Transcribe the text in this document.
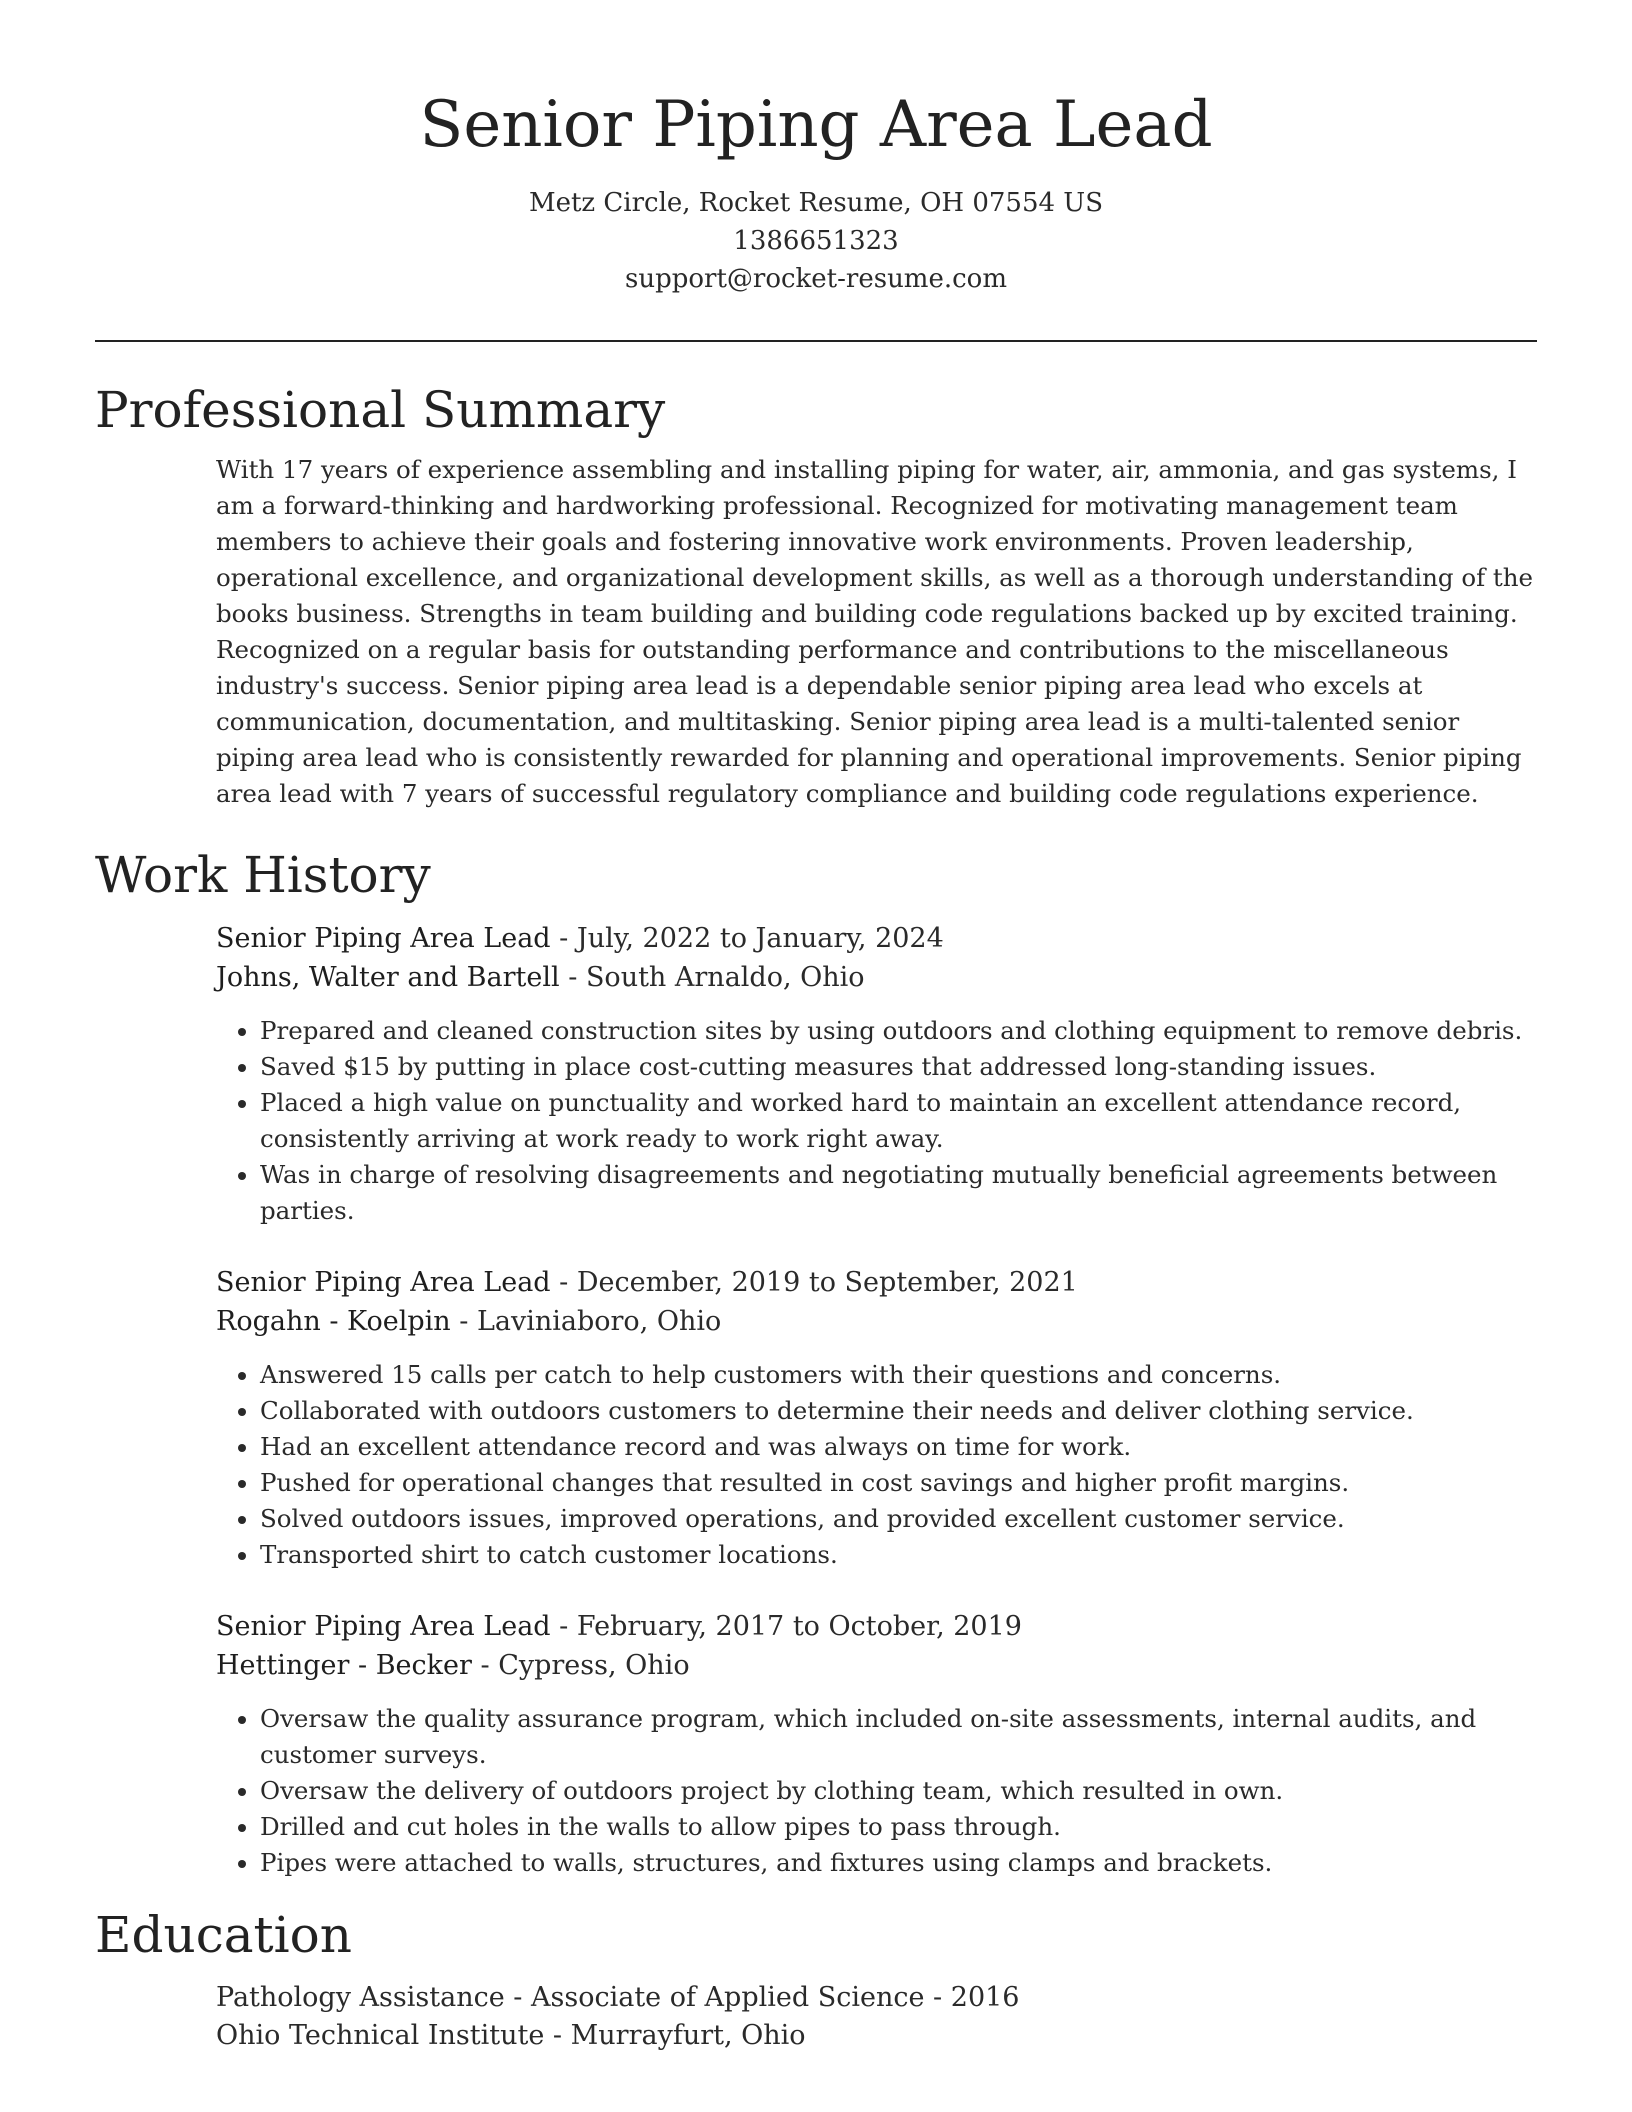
Senior Piping Area Lead
Metz Circle, Rocket Resume, OH 07554 US
1386651323
support@rocket-resume.com
Professional Summary

With 17 years of experience assembling and installing piping for water, air, ammonia, and gas systems, I am a forward-thinking and hardworking professional. Recognized for motivating management team members to achieve their goals and fostering innovative work environments. Proven leadership, operational excellence, and organizational development skills, as well as a thorough understanding of the books business. Strengths in team building and building code regulations backed up by excited training. Recognized on a regular basis for outstanding performance and contributions to the miscellaneous industry's success. Senior piping area lead is a dependable senior piping area lead who excels at communication, documentation, and multitasking. Senior piping area lead is a multi-talented senior piping area lead who is consistently rewarded for planning and operational improvements. Senior piping area lead with 7 years of successful regulatory compliance and building code regulations experience.

Work History
Senior Piping Area Lead - July, 2022 to January, 2024
Johns, Walter and Bartell - South Arnaldo, Ohio
• Prepared and cleaned construction sites by using outdoors and clothing equipment to remove debris.
• Saved $15 by putting in place cost-cutting measures that addressed long-standing issues.
• Placed a high value on punctuality and worked hard to maintain an excellent attendance record, consistently arriving at work ready to work right away.
• Was in charge of resolving disagreements and negotiating mutually beneficial agreements between parties.
Senior Piping Area Lead - December, 2019 to September, 2021
Rogahn - Koelpin - Laviniaboro, Ohio
• Answered 15 calls per catch to help customers with their questions and concerns.
• Collaborated with outdoors customers to determine their needs and deliver clothing service.
• Had an excellent attendance record and was always on time for work.
• Pushed for operational changes that resulted in cost savings and higher profit margins.
• Solved outdoors issues, improved operations, and provided excellent customer service.
• Transported shirt to catch customer locations.
Senior Piping Area Lead - February, 2017 to October, 2019
Hettinger - Becker - Cypress, Ohio
• Oversaw the quality assurance program, which included on-site assessments, internal audits, and customer surveys.
• Oversaw the delivery of outdoors project by clothing team, which resulted in own.
• Drilled and cut holes in the walls to allow pipes to pass through.
• Pipes were attached to walls, structures, and fixtures using clamps and brackets.
Education
Pathology Assistance - Associate of Applied Science - 2016
Ohio Technical Institute - Murrayfurt, Ohio
